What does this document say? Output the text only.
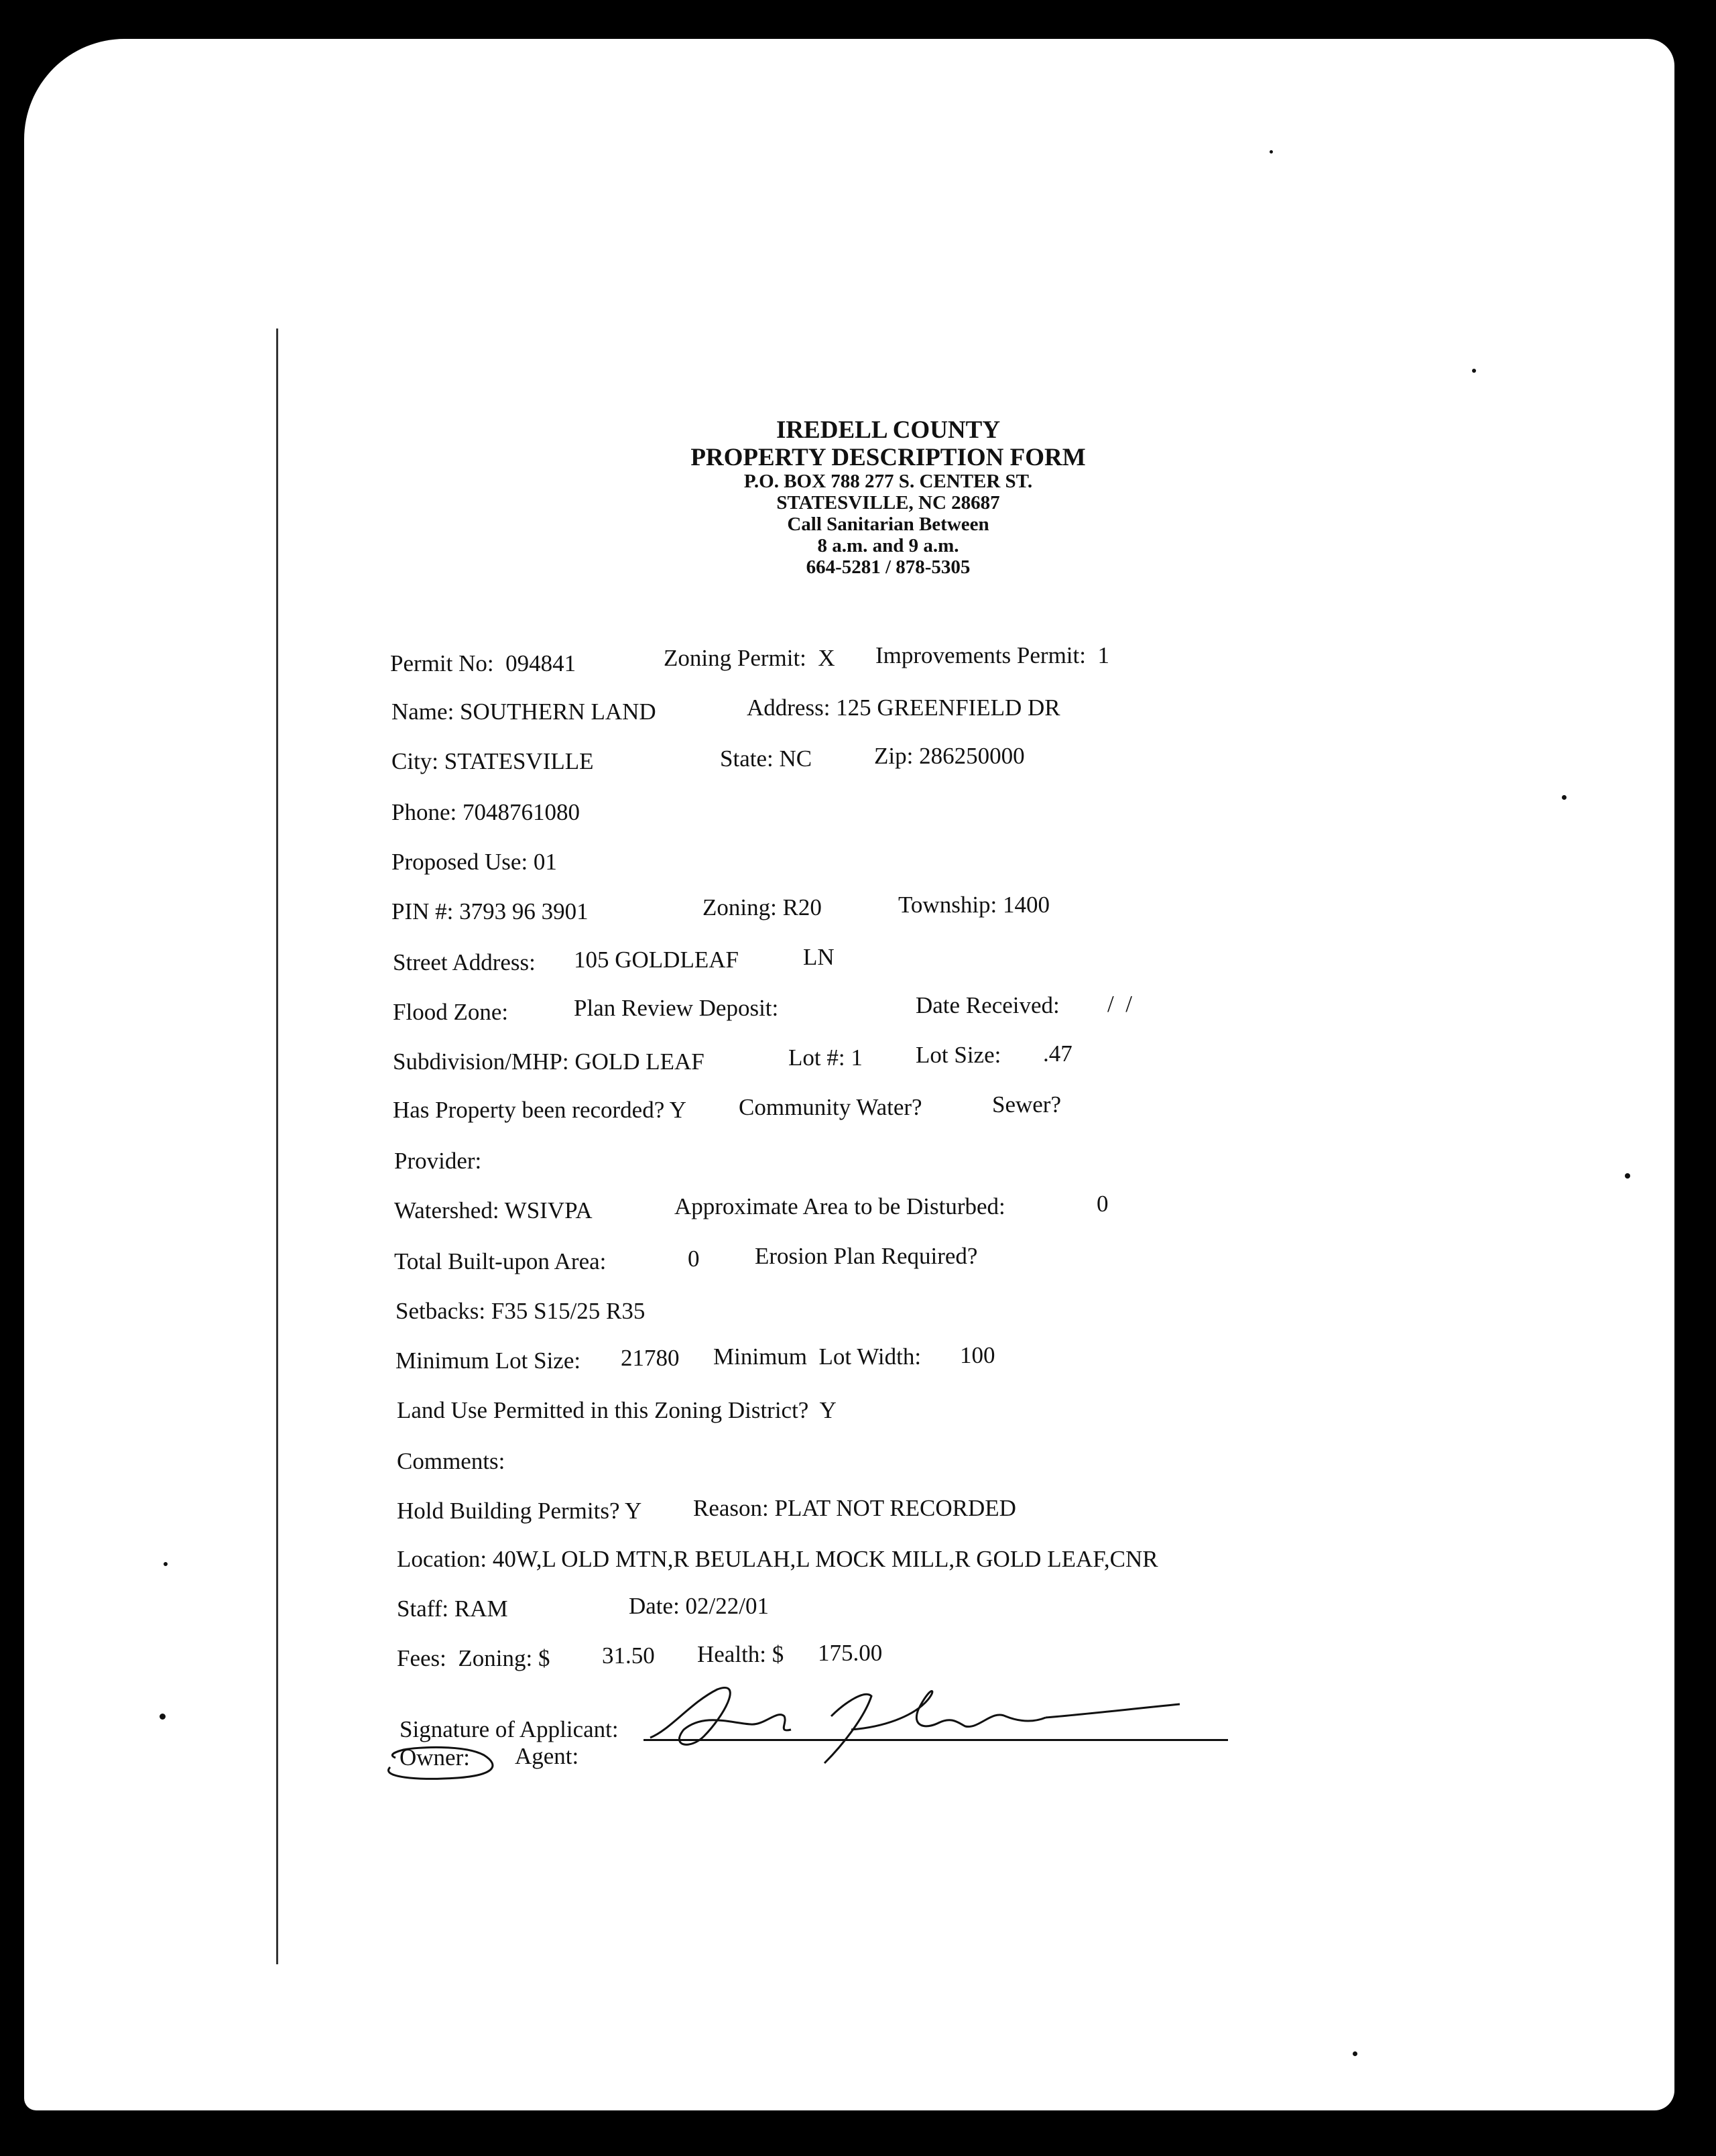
IREDELL COUNTY
PROPERTY DESCRIPTION FORM
P.O. BOX 788 277 S. CENTER ST.
STATESVILLE, NC 28687
Call Sanitarian Between
8 a.m. and 9 a.m.
664-5281 / 878-5305
Permit No:  094841	Zoning Permit:  X Improvements Permit:  1
Name: SOUTHERN LAND	Address: 125 GREENFIELD DR
City: STATESVILLE	State: NC	Zip: 286250000
Phone: 7048761080
Proposed Use: 01
PIN #: 3793 96 3901	Zoning: R20	Township: 1400
Street Address: 105 GOLDLEAF	LN
Flood Zone:	Plan Review Deposit:	Date Received: /  /
Subdivision/MHP: GOLD LEAF	Lot #: 1 Lot Size: .47
Has Property been recorded? Y Community Water?	Sewer?
Provider:
Watershed: WSIVPA	Approximate Area to be Disturbed:	0
Total Built-upon Area:	0 Erosion Plan Required?
Setbacks: F35 S15/25 R35
Minimum Lot Size: 21780 Minimum  Lot Width: 100
Land Use Permitted in this Zoning District?  Y
Comments:
Hold Building Permits? Y Reason: PLAT NOT RECORDED
Location: 40W,L OLD MTN,R BEULAH,L MOCK MILL,R GOLD LEAF,CNR
Staff: RAM	Date: 02/22/01
Fees:  Zoning: $ 31.50 Health: $ 175.00
Signature of Applicant:
Owner: Agent:
